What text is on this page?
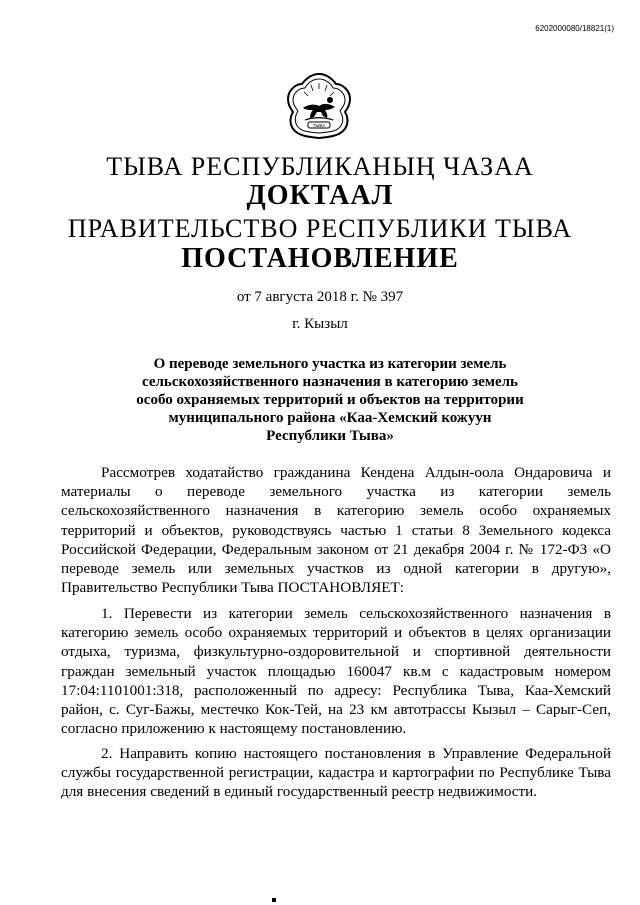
6202000080/18821(1)
ТЫВА
ТЫВА РЕСПУБЛИКАНЫҢ ЧАЗАА
ДОКТААЛ
ПРАВИТЕЛЬСТВО РЕСПУБЛИКИ ТЫВА
ПОСТАНОВЛЕНИЕ
от 7 августа 2018 г. № 397
г. Кызыл
О переводе земельного участка из категории земель сельскохозяйственного назначения в категорию земель особо охраняемых территорий и объектов на территории муниципального района «Каа-Хемский кожуун Республики Тыва»
Рассмотрев ходатайство гражданина Кендена Алдын-оола Ондаровича и материалы о переводе земельного участка из категории земель сельскохозяйственного назначения в категорию земель особо охраняемых территорий и объектов, руководствуясь частью 1 статьи 8 Земельного кодекса Российской Федерации, Федеральным законом от 21 декабря 2004 г. № 172-ФЗ «О переводе земель или земельных участков из одной категории в другую», Правительство Республики Тыва ПОСТАНОВЛЯЕТ:
1. Перевести из категории земель сельскохозяйственного назначения в категорию земель особо охраняемых территорий и объектов в целях организации отдыха, туризма, физкультурно-оздоровительной и спортивной деятельности граждан земельный участок площадью 160047 кв.м с кадастровым номером 17:04:1101001:318, расположенный по адресу: Республика Тыва, Каа-Хемский район, с. Суг-Бажы, местечко Кок-Тей, на 23 км автотрассы Кызыл – Сарыг-Сеп, согласно приложению к настоящему постановлению.
2. Направить копию настоящего постановления в Управление Федеральной службы государственной регистрации, кадастра и картографии по Республике Тыва для внесения сведений в единый государственный реестр недвижимости.
